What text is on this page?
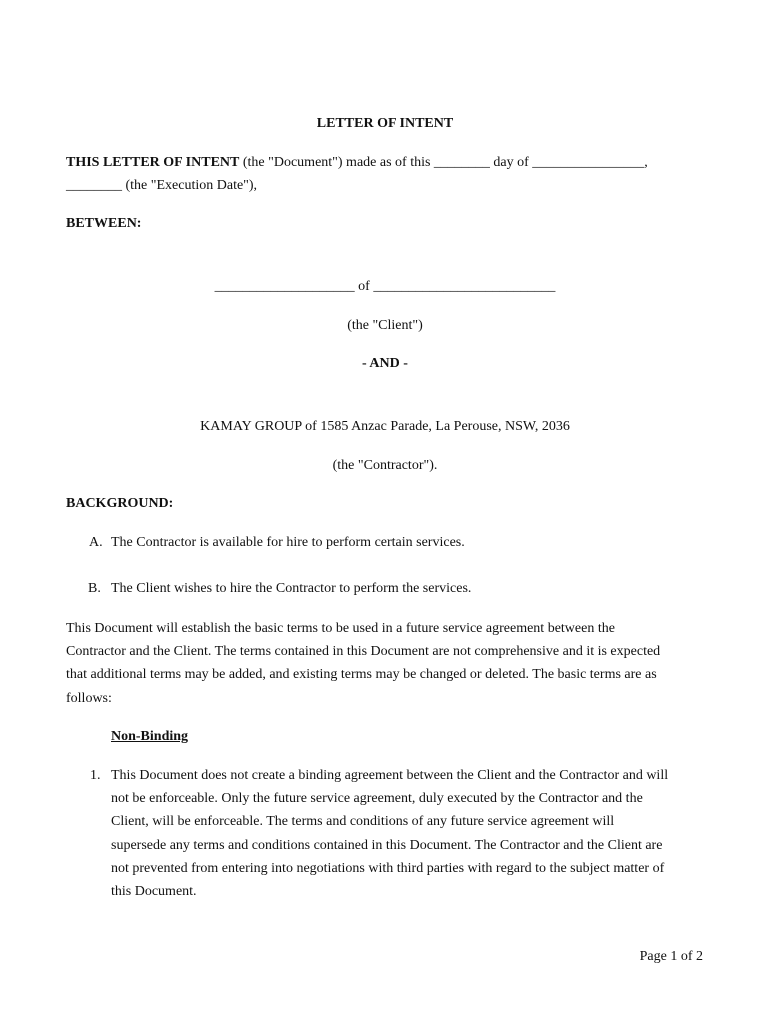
LETTER OF INTENT

THIS LETTER OF INTENT (the "Document") made as of this ________ day of ________________,
________ (the "Execution Date"),

BETWEEN:

____________________ of __________________________

(the "Client")

- AND -

KAMAY GROUP of 1585 Anzac Parade, La Perouse, NSW, 2036

(the "Contractor").

BACKGROUND:

A. The Contractor is available for hire to perform certain services.
B. The Client wishes to hire the Contractor to perform the services.
This Document will establish the basic terms to be used in a future service agreement between the
Contractor and the Client. The terms contained in this Document are not comprehensive and it is expected
that additional terms may be added, and existing terms may be changed or deleted. The basic terms are as
follows:

Non-Binding

1. This Document does not create a binding agreement between the Client and the Contractor and will
not be enforceable. Only the future service agreement, duly executed by the Contractor and the
Client, will be enforceable. The terms and conditions of any future service agreement will
supersede any terms and conditions contained in this Document. The Contractor and the Client are
not prevented from entering into negotiations with third parties with regard to the subject matter of
this Document.

Page 1 of 2
